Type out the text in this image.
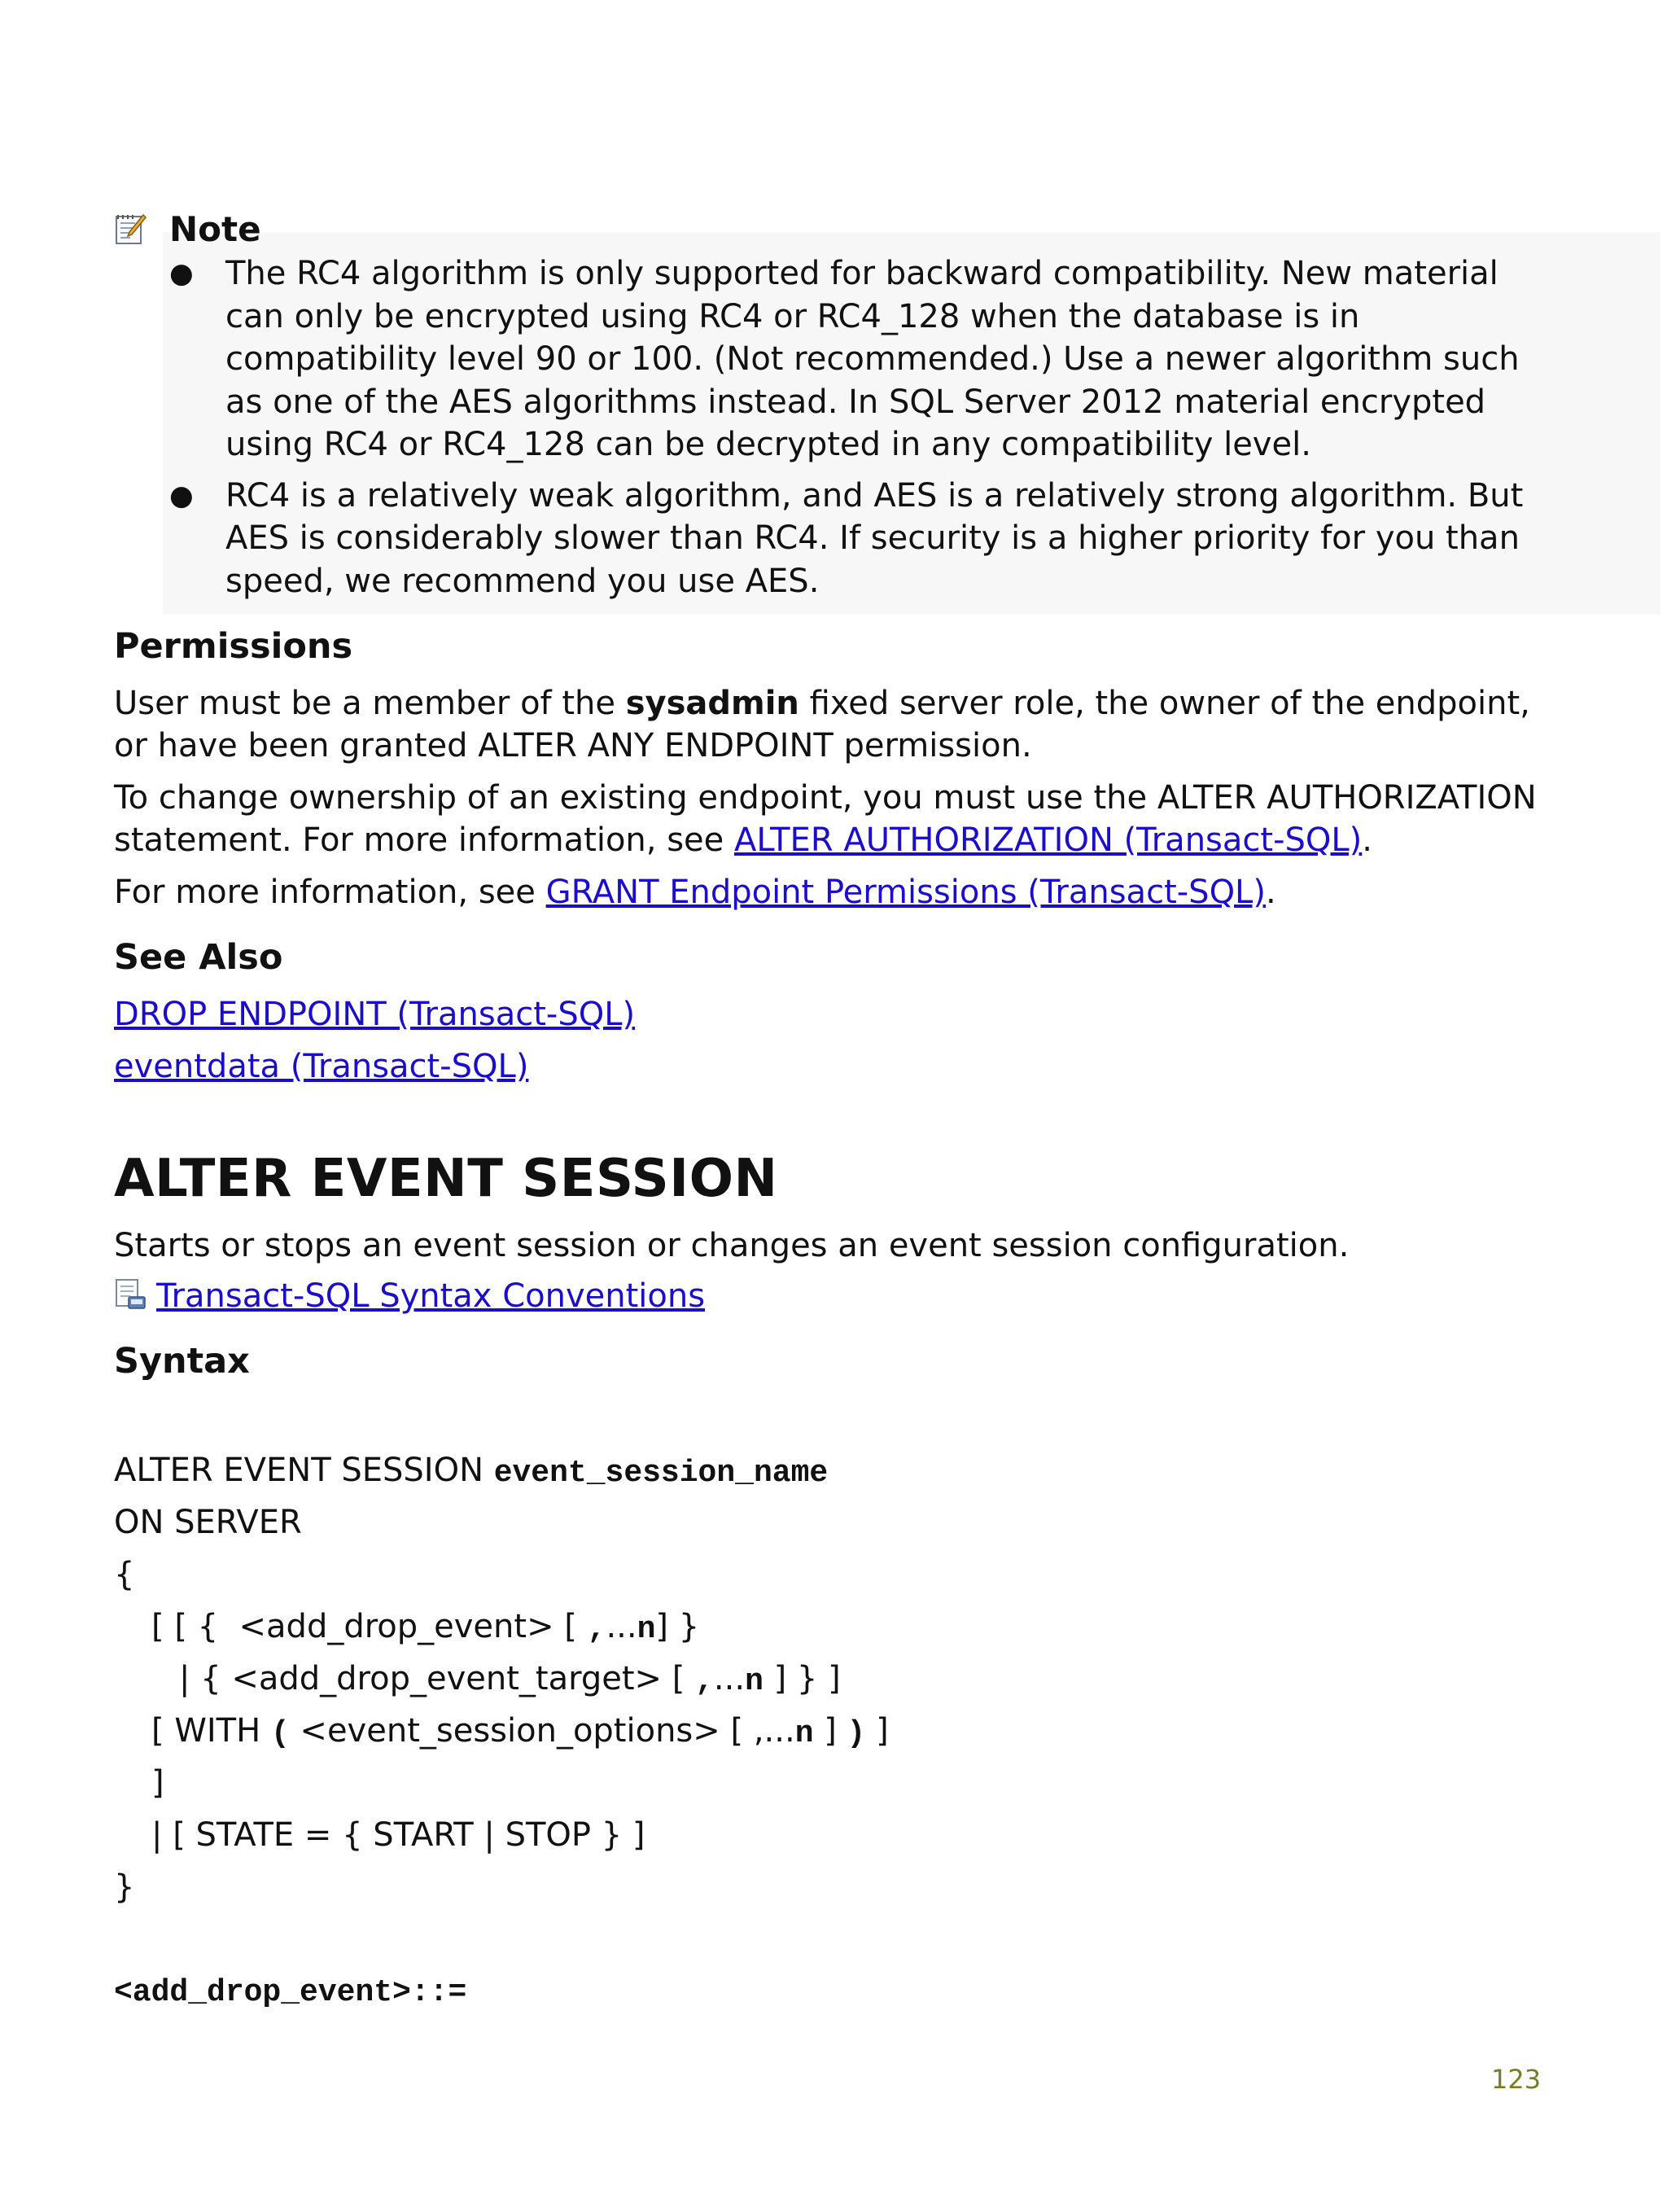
Note
● The RC4 algorithm is only supported for backward compatibility. New material can only be encrypted using RC4 or RC4_128 when the database is in compatibility level 90 or 100. (Not recommended.) Use a newer algorithm such as one of the AES algorithms instead. In SQL Server 2012 material encrypted using RC4 or RC4_128 can be decrypted in any compatibility level.
● RC4 is a relatively weak algorithm, and AES is a relatively strong algorithm. But AES is considerably slower than RC4. If security is a higher priority for you than speed, we recommend you use AES.
Permissions
User must be a member of the sysadmin fixed server role, the owner of the endpoint, or have been granted ALTER ANY ENDPOINT permission.
To change ownership of an existing endpoint, you must use the ALTER AUTHORIZATION statement. For more information, see ALTER AUTHORIZATION (Transact-SQL).
For more information, see GRANT Endpoint Permissions (Transact-SQL).
See Also
DROP ENDPOINT (Transact-SQL)
eventdata (Transact-SQL)
ALTER EVENT SESSION
Starts or stops an event session or changes an event session configuration.
Transact-SQL Syntax Conventions
Syntax
ALTER EVENT SESSION event_session_name
ON SERVER
{
[ [ {  <add_drop_event> [ ,...n] }
| { <add_drop_event_target> [ ,...n ] } ]
[ WITH ( <event_session_options> [ ,...n ] ) ]
]
| [ STATE = { START | STOP } ]
}
<add_drop_event>::=
123
